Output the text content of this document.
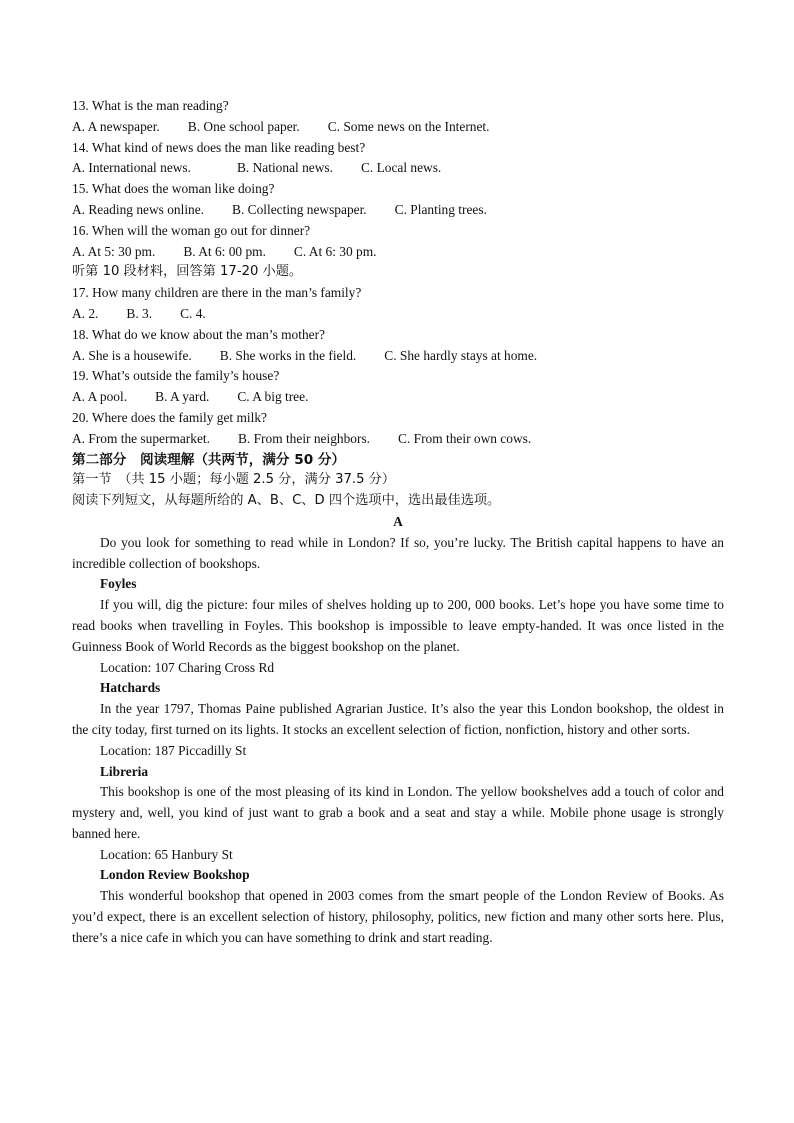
13. What is the man reading?
A. A newspaper. B. One school paper. C. Some news on the Internet.
14. What kind of news does the man like reading best?
A. International news.	B. National news. C. Local news.
15. What does the woman like doing?
A. Reading news online. B. Collecting newspaper. C. Planting trees.
16. When will the woman go out for dinner?
A. At 5: 30 pm. B. At 6: 00 pm. C. At 6: 30 pm.
听第 10 段材料，回答第 17-20 小题。
17. How many children are there in the man’s family?
A. 2. B. 3. C. 4.
18. What do we know about the man’s mother?
A. She is a housewife. B. She works in the field. C. She hardly stays at home.
19. What’s outside the family’s house?
A. A pool. B. A yard. C. A big tree.
20. Where does the family get milk?
A. From the supermarket. B. From their neighbors. C. From their own cows.
第二部分　阅读理解（共两节，满分 50 分）
第一节　（共 15 小题；每小题 2.5 分，满分 37.5 分）
阅读下列短文，从每题所给的 A、B、C、D 四个选项中，选出最佳选项。
A
Do you look for something to read while in London? If so, you’re lucky. The British capital happens to have an incredible collection of bookshops.
Foyles
If you will, dig the picture: four miles of shelves holding up to 200, 000 books. Let’s hope you have some time to read books when travelling in Foyles. This bookshop is impossible to leave empty-handed. It was once listed in the Guinness Book of World Records as the biggest bookshop on the planet.
Location: 107 Charing Cross Rd
Hatchards
In the year 1797, Thomas Paine published Agrarian Justice. It’s also the year this London bookshop, the oldest in the city today, first turned on its lights. It stocks an excellent selection of fiction, nonfiction, history and other sorts.
Location: 187 Piccadilly St
Libreria
This bookshop is one of the most pleasing of its kind in London. The yellow bookshelves add a touch of color and mystery and, well, you kind of just want to grab a book and a seat and stay a while. Mobile phone usage is strongly banned here.
Location: 65 Hanbury St
London Review Bookshop
This wonderful bookshop that opened in 2003 comes from the smart people of the London Review of Books. As you’d expect, there is an excellent selection of history, philosophy, politics, new fiction and many other sorts here. Plus, there’s a nice cafe in which you can have something to drink and start reading.
